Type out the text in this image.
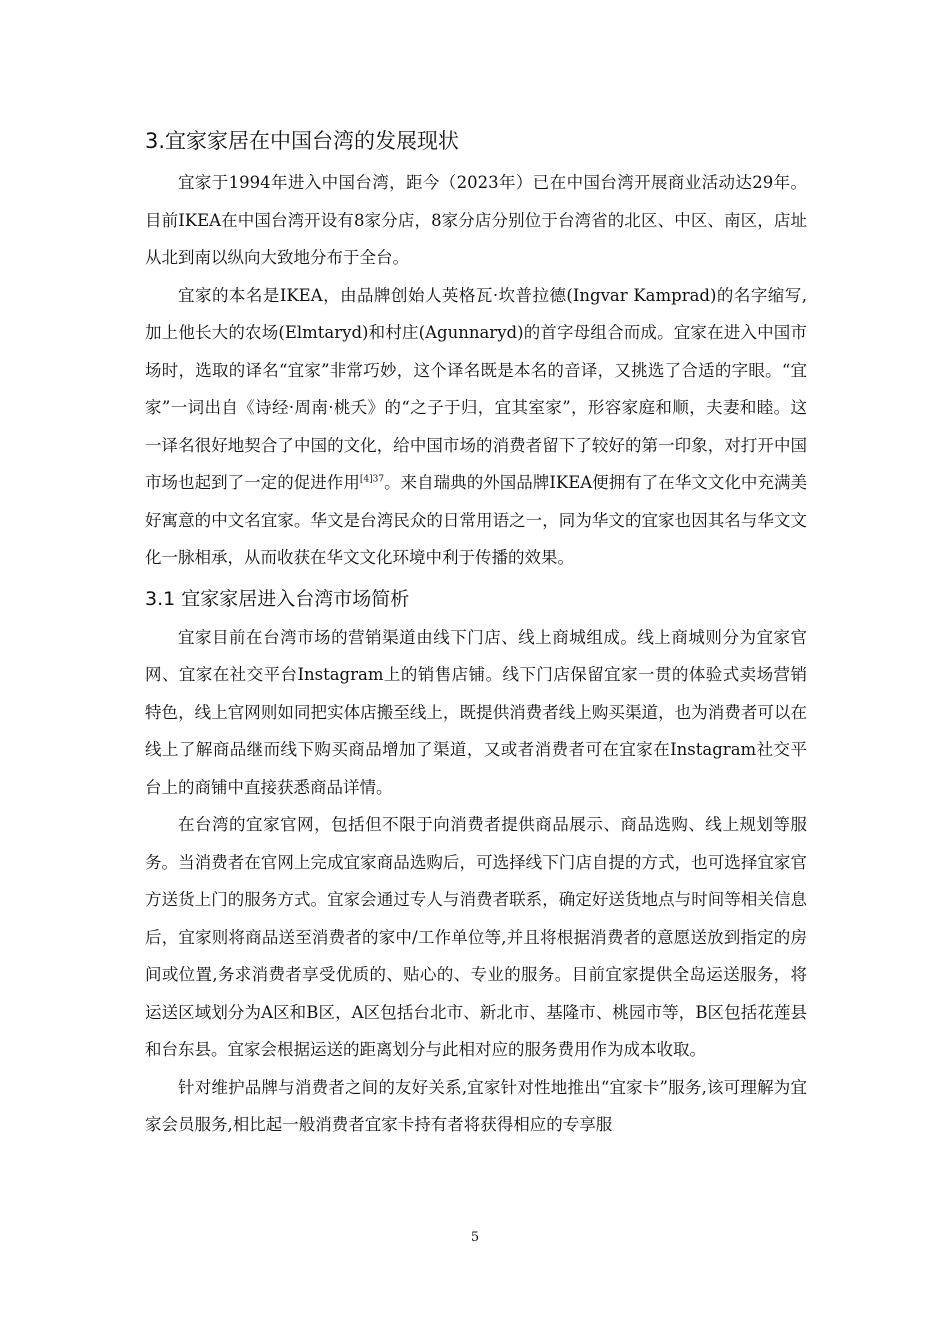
3.宜家家居在中国台湾的发展现状

宜家于1994年进入中国台湾，距今（2023年）已在中国台湾开展商业活动达29年。目前IKEA在中国台湾开设有8家分店，8家分店分别位于台湾省的北区、中区、南区，店址从北到南以纵向大致地分布于全台。

宜家的本名是IKEA，由品牌创始人英格瓦·坎普拉德(Ingvar Kamprad)的名字缩写,加上他长大的农场(Elmtaryd)和村庄(Agunnaryd)的首字母组合而成。宜家在进入中国市场时，选取的译名“宜家”非常巧妙，这个译名既是本名的音译，又挑选了合适的字眼。“宜家”一词出自《诗经·周南·桃夭》的“之子于归，宜其室家”，形容家庭和顺，夫妻和睦。这一译名很好地契合了中国的文化，给中国市场的消费者留下了较好的第一印象，对打开中国市场也起到了一定的促进作用$^{[4]37}$。来自瑞典的外国品牌IKEA便拥有了在华文文化中充满美好寓意的中文名宜家。华文是台湾民众的日常用语之一，同为华文的宜家也因其名与华文文化一脉相承，从而收获在华文文化环境中利于传播的效果。

3.1 宜家家居进入台湾市场简析

宜家目前在台湾市场的营销渠道由线下门店、线上商城组成。线上商城则分为宜家官网、宜家在社交平台Instagram上的销售店铺。线下门店保留宜家一贯的体验式卖场营销特色，线上官网则如同把实体店搬至线上，既提供消费者线上购买渠道，也为消费者可以在线上了解商品继而线下购买商品增加了渠道，又或者消费者可在宜家在Instagram社交平台上的商铺中直接获悉商品详情。

在台湾的宜家官网，包括但不限于向消费者提供商品展示、商品选购、线上规划等服务。当消费者在官网上完成宜家商品选购后，可选择线下门店自提的方式，也可选择宜家官方送货上门的服务方式。宜家会通过专人与消费者联系，确定好送货地点与时间等相关信息后，宜家则将商品送至消费者的家中/工作单位等,并且将根据消费者的意愿送放到指定的房间或位置,务求消费者享受优质的、贴心的、专业的服务。目前宜家提供全岛运送服务，将运送区域划分为A区和B区，A区包括台北市、新北市、基隆市、桃园市等，B区包括花莲县和台东县。宜家会根据运送的距离划分与此相对应的服务费用作为成本收取。

针对维护品牌与消费者之间的友好关系,宜家针对性地推出“宜家卡”服务,该可理解为宜家会员服务,相比起一般消费者宜家卡持有者将获得相应的专享服

5
